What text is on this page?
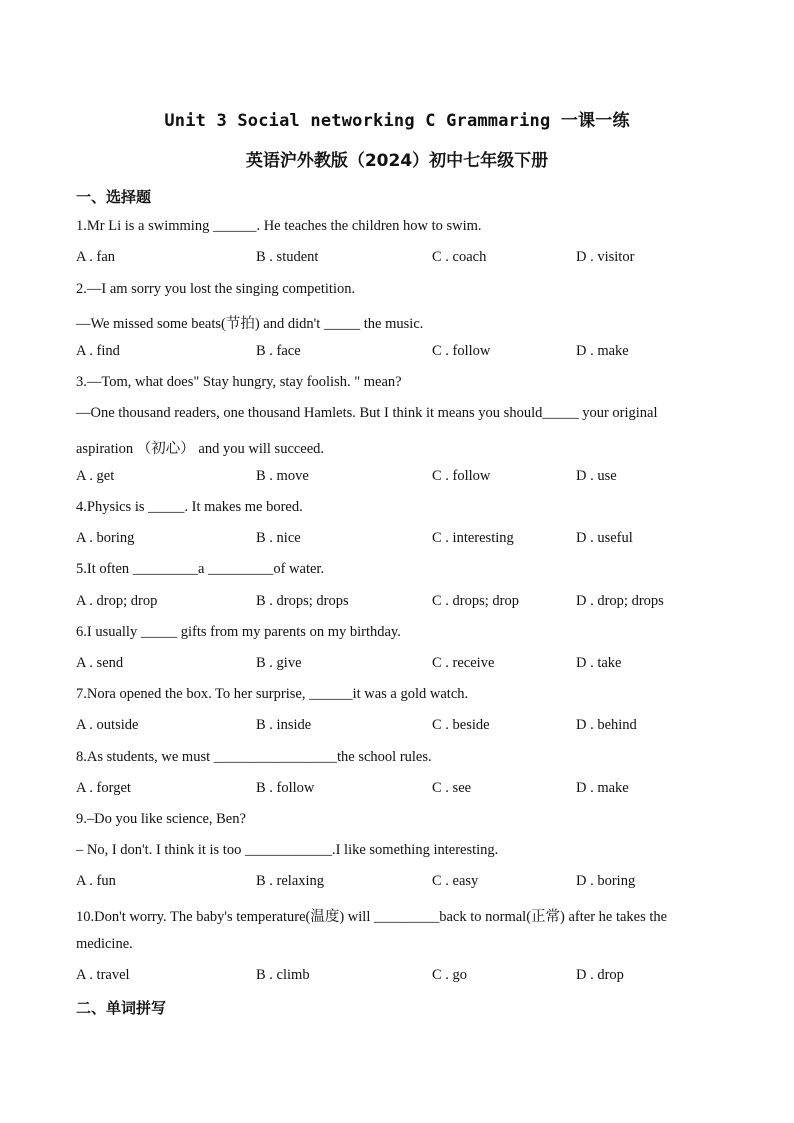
Unit 3 Social networking C Grammaring 一课一练
英语沪外教版（2024）初中七年级下册
一、选择题
1.Mr Li is a swimming ______. He teaches the children how to swim.
A . fan	B . student	C . coach	D . visitor
2.—I am sorry you lost the singing competition.
—We missed some beats(节拍) and didn't _____ the music.
A . find	B . face	C . follow	D . make
3.—Tom, what does" Stay hungry, stay foolish. " mean?
—One thousand readers, one thousand Hamlets. But I think it means you should_____ your original
aspiration （初心） and you will succeed.
A . get	B . move	C . follow	D . use
4.Physics is _____. It makes me bored.
A . boring	B . nice	C . interesting	D . useful
5.It often _________a _________of water.
A . drop; drop	B . drops; drops	C . drops; drop	D . drop; drops
6.I usually _____ gifts from my parents on my birthday.
A . send	B . give	C . receive	D . take
7.Nora opened the box. To her surprise, ______it was a gold watch.
A . outside	B . inside	C . beside	D . behind
8.As students, we must _________________the school rules.
A . forget	B . follow	C . see	D . make
9.–Do you like science, Ben?
– No, I don't. I think it is too ____________.I like something interesting.
A . fun	B . relaxing	C . easy	D . boring
10.Don't worry. The baby's temperature(温度) will _________back to normal(正常) after he takes the
medicine.
A . travel	B . climb	C . go	D . drop
二、单词拼写
